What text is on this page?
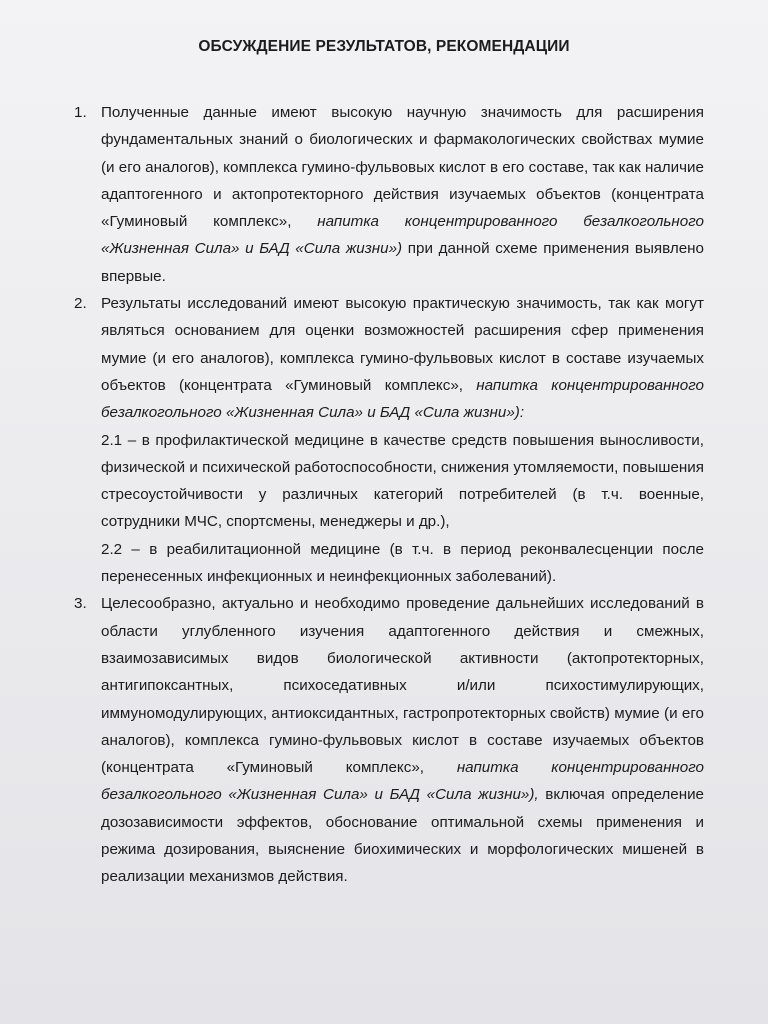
ОБСУЖДЕНИЕ РЕЗУЛЬТАТОВ, РЕКОМЕНДАЦИИ
1. Полученные данные имеют высокую научную значимость для расширения фундаментальных знаний о биологических и фармакологических свойствах мумие (и его аналогов), комплекса гумино-фульвовых кислот в его составе, так как наличие адаптогенного и актопротекторного действия изучаемых объектов (концентрата «Гуминовый комплекс», напитка концентрированного безалкогольного «Жизненная Сила» и БАД «Сила жизни») при данной схеме применения выявлено впервые.

2. Результаты исследований имеют высокую практическую значимость, так как могут являться основанием для оценки возможностей расширения сфер применения мумие (и его аналогов), комплекса гумино-фульвовых кислот в составе изучаемых объектов (концентрата «Гуминовый комплекс», напитка концентрированного безалкогольного «Жизненная Сила» и БАД «Сила жизни»):

2.1 – в профилактической медицине в качестве средств повышения выносливости, физической и психической работоспособности, снижения утомляемости, повышения стресоустойчивости у различных категорий потребителей (в т.ч. военные, сотрудники МЧС, спортсмены, менеджеры и др.),

2.2 – в реабилитационной медицине (в т.ч. в период реконвалесценции после перенесенных инфекционных и неинфекционных заболеваний).

3. Целесообразно, актуально и необходимо проведение дальнейших исследований в области углубленного изучения адаптогенного действия и смежных, взаимозависимых видов биологической активности (актопротекторных, антигипоксантных, психоседативных и/или психостимулирующих, иммуномодулирующих, антиоксидантных, гастропротекторных свойств) мумие (и его аналогов), комплекса гумино-фульвовых кислот в составе изучаемых объектов (концентрата «Гуминовый комплекс», напитка концентрированного безалкогольного «Жизненная Сила» и БАД «Сила жизни»), включая определение дозозависимости эффектов, обоснование оптимальной схемы применения и режима дозирования, выяснение биохимических и морфологических мишеней в реализации механизмов действия.
